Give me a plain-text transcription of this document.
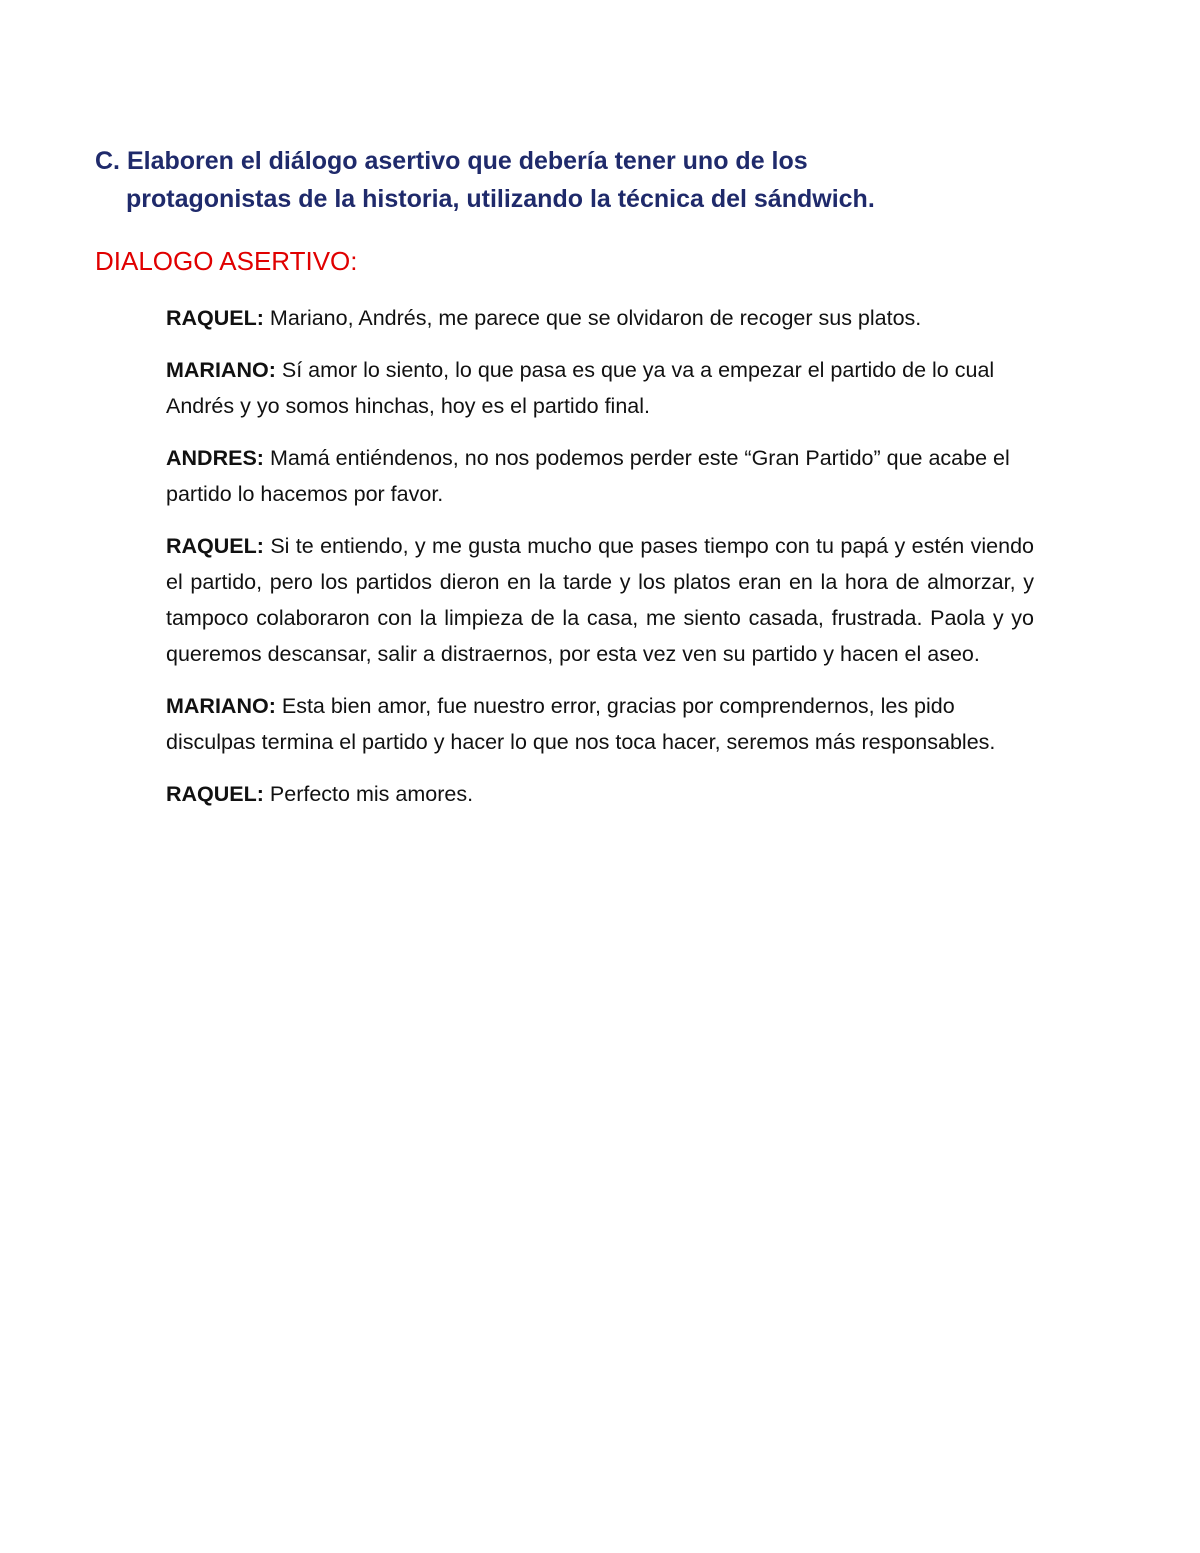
C. Elaboren el diálogo asertivo que debería tener uno de los
protagonistas de la historia, utilizando la técnica del sándwich.
DIALOGO ASERTIVO:

RAQUEL: Mariano, Andrés, me parece que se olvidaron de recoger sus platos.

MARIANO: Sí amor lo siento, lo que pasa es que ya va a empezar el partido de lo cual Andrés y yo somos hinchas, hoy es el partido final.

ANDRES: Mamá entiéndenos, no nos podemos perder este “Gran Partido” que acabe el partido lo hacemos por favor.

RAQUEL: Si te entiendo, y me gusta mucho que pases tiempo con tu papá y estén viendo el partido, pero los partidos dieron en la tarde y los platos eran en la hora de almorzar, y tampoco colaboraron con la limpieza de la casa, me siento casada, frustrada. Paola y yo queremos descansar, salir a distraernos, por esta vez ven su partido y hacen el aseo.

MARIANO: Esta bien amor, fue nuestro error, gracias por comprendernos, les pido disculpas termina el partido y hacer lo que nos toca hacer, seremos más responsables.

RAQUEL: Perfecto mis amores.
